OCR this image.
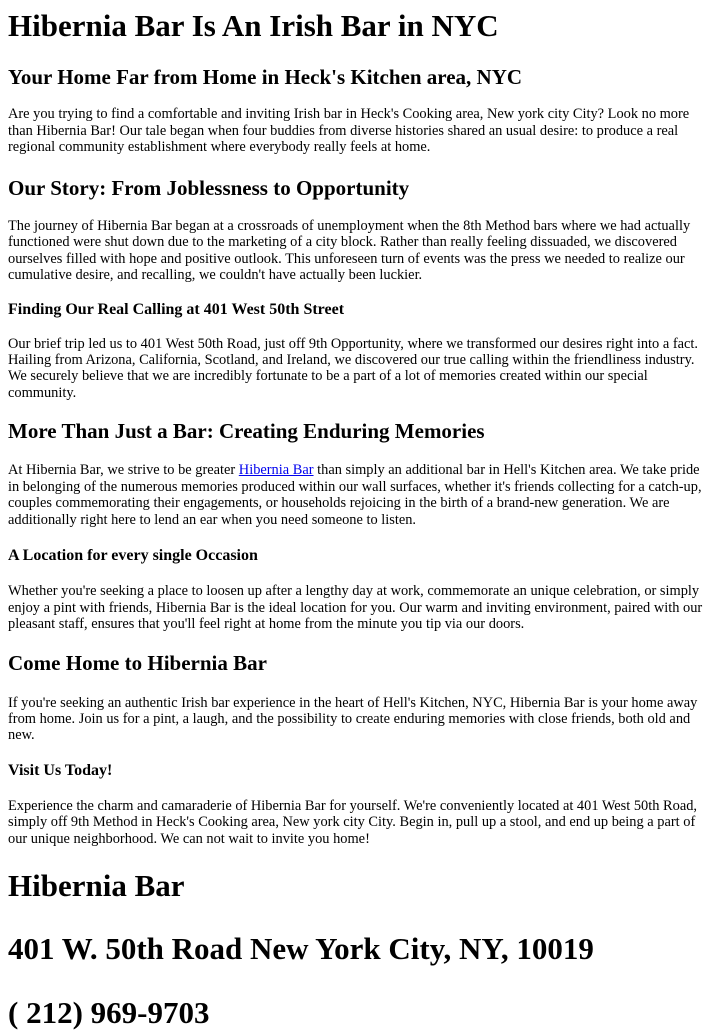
Hibernia Bar Is An Irish Bar in NYC
Your Home Far from Home in Heck's Kitchen area, NYC

Are you trying to find a comfortable and inviting Irish bar in Heck's Cooking area, New york city City? Look no more than Hibernia Bar! Our tale began when four buddies from diverse histories shared an usual desire: to produce a real regional community establishment where everybody really feels at home.

Our Story: From Joblessness to Opportunity

The journey of Hibernia Bar began at a crossroads of unemployment when the 8th Method bars where we had actually functioned were shut down due to the marketing of a city block. Rather than really feeling dissuaded, we discovered ourselves filled with hope and positive outlook. This unforeseen turn of events was the press we needed to realize our cumulative desire, and recalling, we couldn't have actually been luckier.

Finding Our Real Calling at 401 West 50th Street

Our brief trip led us to 401 West 50th Road, just off 9th Opportunity, where we transformed our desires right into a fact. Hailing from Arizona, California, Scotland, and Ireland, we discovered our true calling within the friendliness industry. We securely believe that we are incredibly fortunate to be a part of a lot of memories created within our special community.

More Than Just a Bar: Creating Enduring Memories

At Hibernia Bar, we strive to be greater Hibernia Bar than simply an additional bar in Hell's Kitchen area. We take pride in belonging of the numerous memories produced within our wall surfaces, whether it's friends collecting for a catch-up, couples commemorating their engagements, or households rejoicing in the birth of a brand-new generation. We are additionally right here to lend an ear when you need someone to listen.

A Location for every single Occasion

Whether you're seeking a place to loosen up after a lengthy day at work, commemorate an unique celebration, or simply enjoy a pint with friends, Hibernia Bar is the ideal location for you. Our warm and inviting environment, paired with our pleasant staff, ensures that you'll feel right at home from the minute you tip via our doors.

Come Home to Hibernia Bar

If you're seeking an authentic Irish bar experience in the heart of Hell's Kitchen, NYC, Hibernia Bar is your home away from home. Join us for a pint, a laugh, and the possibility to create enduring memories with close friends, both old and new.

Visit Us Today!

Experience the charm and camaraderie of Hibernia Bar for yourself. We're conveniently located at 401 West 50th Road, simply off 9th Method in Heck's Cooking area, New york city City. Begin in, pull up a stool, and end up being a part of our unique neighborhood. We can not wait to invite you home!

Hibernia Bar
401 W. 50th Road New York City, NY, 10019
( 212) 969-9703
